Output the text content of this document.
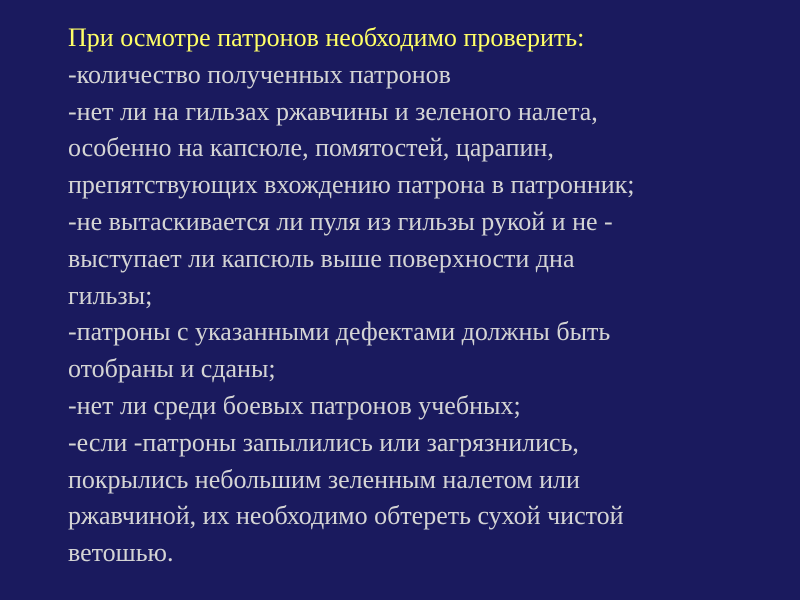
При осмотре патронов необходимо проверить:
-количество полученных патронов
-нет ли на гильзах ржавчины и зеленого налета,
особенно на капсюле, помятостей, царапин,
препятствующих вхождению патрона в патронник;
-не вытаскивается ли пуля из гильзы рукой и не -
выступает ли капсюль выше поверхности дна
гильзы;
-патроны с указанными дефектами должны быть
отобраны и сданы;
-нет ли среди боевых патронов учебных;
-если -патроны запылились или загрязнились,
покрылись небольшим зеленным налетом или
ржавчиной, их необходимо обтереть сухой чистой
ветошью.
